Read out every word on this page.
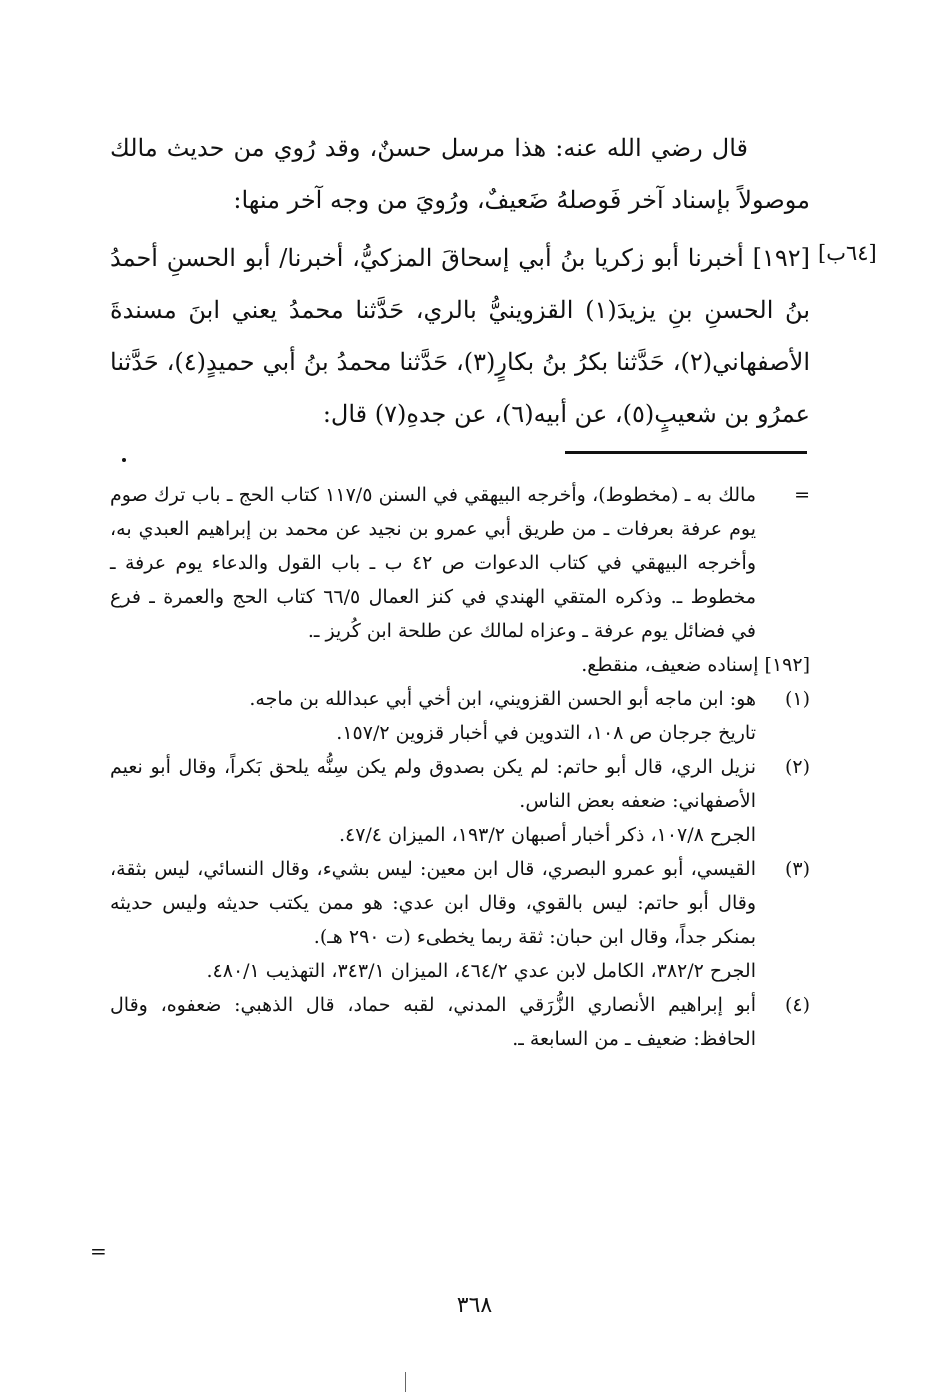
[٦٤ب]

قال رضي الله عنه: هذا مرسل حسنٌ، وقد رُوي من حديث مالك موصولاً بإسناد آخر فَوصلهُ ضَعيفٌ، ورُويَ من وجه آخر منها:

[١٩٢] أخبرنا أبو زكريا بنُ أبي إسحاقَ المزكيُّ، أخبرنا/ أبو الحسنِ أحمدُ بنُ الحسنِ بنِ يزيدَ(١) القزوينيُّ بالري، حَدَّثنا محمدُ يعني ابنَ مسندةَ الأصفهاني(٢)، حَدَّثنا بكرُ بنُ بكارٍ(٣)، حَدَّثنا محمدُ بنُ أبي حميدٍ(٤)، حَدَّثنا عمرُو بن شعيبٍ(٥)، عن أبيه(٦)، عن جدهِ(٧) قال:

=

مالك به ـ (مخطوط)، وأخرجه البيهقي في السنن ١١٧/٥ كتاب الحج ـ باب ترك صوم يوم عرفة بعرفات ـ من طريق أبي عمرو بن نجيد عن محمد بن إبراهيم العبدي به، وأخرجه البيهقي في كتاب الدعوات ص ٤٢ ب ـ باب القول والدعاء يوم عرفة ـ مخطوط ـ. وذكره المتقي الهندي في كنز العمال ٦٦/٥ كتاب الحج والعمرة ـ فرع في فضائل يوم عرفة ـ وعزاه لمالك عن طلحة ابن كُريز ـ.

[١٩٢] إسناده ضعيف، منقطع.

(١)

هو: ابن ماجه أبو الحسن القزويني، ابن أخي أبي عبدالله بن ماجه.

تاريخ جرجان ص ١٠٨، التدوين في أخبار قزوين ١٥٧/٢.

(٢)

نزيل الري، قال أبو حاتم: لم يكن بصدوق ولم يكن سِنُّه يلحق بَكراً، وقال أبو نعيم الأصفهاني: ضعفه بعض الناس.

الجرح ١٠٧/٨، ذكر أخبار أصبهان ١٩٣/٢، الميزان ٤٧/٤.

(٣)

القيسي، أبو عمرو البصري، قال ابن معين: ليس بشيء، وقال النسائي، ليس بثقة، وقال أبو حاتم: ليس بالقوي، وقال ابن عدي: هو ممن يكتب حديثه وليس حديثه بمنكر جداً، وقال ابن حبان: ثقة ربما يخطىء (ت ٢٩٠ هـ).

الجرح ٣٨٢/٢، الكامل لابن عدي ٤٦٤/٢، الميزان ٣٤٣/١، التهذيب ٤٨٠/١.

(٤)

أبو إبراهيم الأنصاري الزُّرَقي المدني، لقبه حماد، قال الذهبي: ضعفوه، وقال الحافظ: ضعيف ـ من السابعة ـ.

=
٣٦٨
